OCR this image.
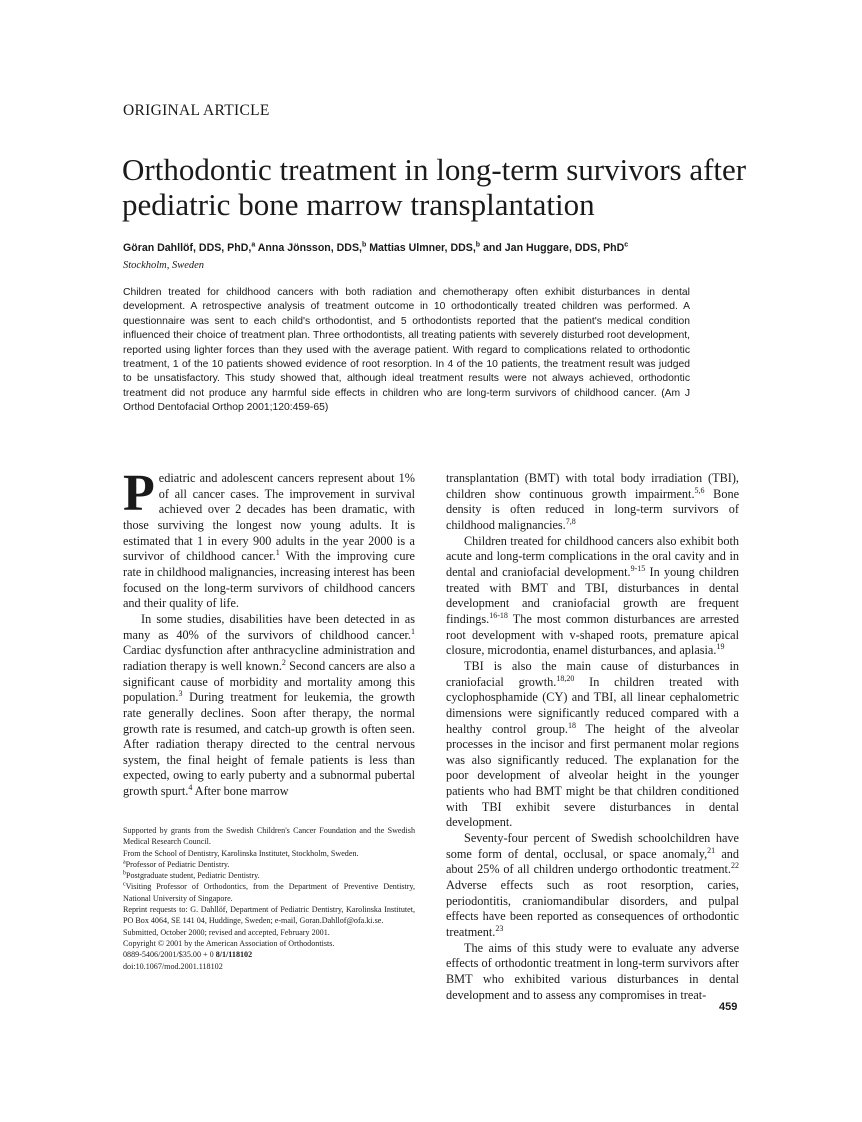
ORIGINAL ARTICLE
Orthodontic treatment in long-term survivors after pediatric bone marrow transplantation
Göran Dahllöf, DDS, PhD,$^a$ Anna Jönsson, DDS,$^b$ Mattias Ulmner, DDS,$^b$ and Jan Huggare, DDS, PhD$^c$
Stockholm, Sweden

Children treated for childhood cancers with both radiation and chemotherapy often exhibit disturbances in dental development. A retrospective analysis of treatment outcome in 10 orthodontically treated children was performed. A questionnaire was sent to each child's orthodontist, and 5 orthodontists reported that the patient's medical condition influenced their choice of treatment plan. Three orthodontists, all treating patients with severely disturbed root development, reported using lighter forces than they used with the average patient. With regard to complications related to orthodontic treatment, 1 of the 10 patients showed evidence of root resorption. In 4 of the 10 patients, the treatment result was judged to be unsatisfactory. This study showed that, although ideal treatment results were not always achieved, orthodontic treatment did not produce any harmful side effects in children who are long-term survivors of childhood cancer. (Am J Orthod Dentofacial Orthop 2001;120:459-65)

Pediatric and adolescent cancers represent about 1% of all cancer cases. The improvement in survival achieved over 2 decades has been dramatic, with those surviving the longest now young adults. It is estimated that 1 in every 900 adults in the year 2000 is a survivor of childhood cancer.$^1$ With the improving cure rate in childhood malignancies, increasing interest has been focused on the long-term survivors of childhood cancers and their quality of life.

In some studies, disabilities have been detected in as many as 40% of the survivors of childhood cancer.$^1$ Cardiac dysfunction after anthracycline administration and radiation therapy is well known.$^2$ Second cancers are also a significant cause of morbidity and mortality among this population.$^3$ During treatment for leukemia, the growth rate generally declines. Soon after therapy, the normal growth rate is resumed, and catch-up growth is often seen. After radiation therapy directed to the central nervous system, the final height of female patients is less than expected, owing to early puberty and a subnormal pubertal growth spurt.$^4$ After bone marrow

transplantation (BMT) with total body irradiation (TBI), children show continuous growth impairment.$^{5,6}$ Bone density is often reduced in long-term survivors of childhood malignancies.$^{7,8}$

Children treated for childhood cancers also exhibit both acute and long-term complications in the oral cavity and in dental and craniofacial development.$^{9-15}$ In young children treated with BMT and TBI, disturbances in dental development and craniofacial growth are frequent findings.$^{16-18}$ The most common disturbances are arrested root development with v-shaped roots, premature apical closure, microdontia, enamel disturbances, and aplasia.$^{19}$

TBI is also the main cause of disturbances in craniofacial growth.$^{18,20}$ In children treated with cyclophosphamide (CY) and TBI, all linear cephalometric dimensions were significantly reduced compared with a healthy control group.$^{18}$ The height of the alveolar processes in the incisor and first permanent molar regions was also significantly reduced. The explanation for the poor development of alveolar height in the younger patients who had BMT might be that children conditioned with TBI exhibit severe disturbances in dental development.

Seventy-four percent of Swedish schoolchildren have some form of dental, occlusal, or space anomaly,$^{21}$ and about 25% of all children undergo orthodontic treatment.$^{22}$ Adverse effects such as root resorption, caries, periodontitis, craniomandibular disorders, and pulpal effects have been reported as consequences of orthodontic treatment.$^{23}$

The aims of this study were to evaluate any adverse effects of orthodontic treatment in long-term survivors after BMT who exhibited various disturbances in dental development and to assess any compromises in treat-

Supported by grants from the Swedish Children's Cancer Foundation and the Swedish Medical Research Council.

From the School of Dentistry, Karolinska Institutet, Stockholm, Sweden.

$^a$Professor of Pediatric Dentistry.

$^b$Postgraduate student, Pediatric Dentistry.

$^c$Visiting Professor of Orthodontics, from the Department of Preventive Dentistry, National University of Singapore.

Reprint requests to: G. Dahllöf, Department of Pediatric Dentistry, Karolinska Institutet, PO Box 4064, SE 141 04, Huddinge, Sweden; e-mail, Goran.Dahllof@ofa.ki.se.

Submitted, October 2000; revised and accepted, February 2001.

Copyright © 2001 by the American Association of Orthodontists.

0889-5406/2001/$35.00 + 0 8/1/118102

doi:10.1067/mod.2001.118102

459
